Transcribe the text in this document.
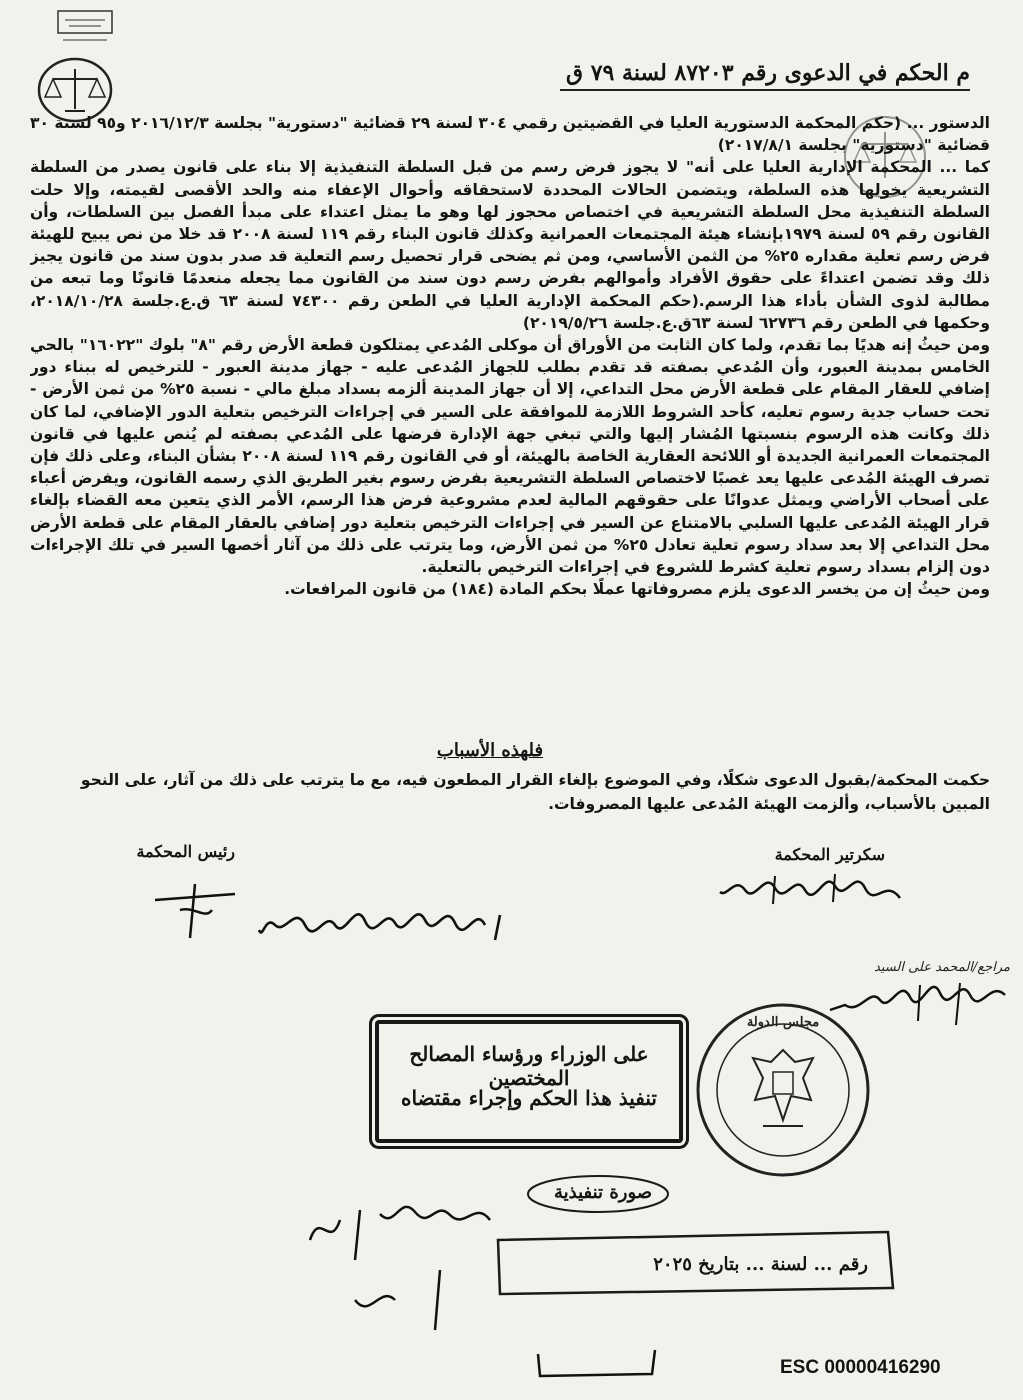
م الحكم في الدعوى رقم ٨٧٢٠٣ لسنة ٧٩ ق

الدستور ... (حكم المحكمة الدستورية العليا في القضيتين رقمي ٣٠٤ لسنة ٢٩ قضائية "دستورية" بجلسة ٢٠١٦/١٢/٣ و٩٥ لسنة ٣٠ قضائية "دستورية" بجلسة ٢٠١٧/٨/١)

كما ... المحكمة الإدارية العليا على أنه" لا يجوز فرض رسم من قبل السلطة التنفيذية إلا بناء على قانون يصدر من السلطة التشريعية يخولها هذه السلطة، ويتضمن الحالات المحددة لاستحقاقه وأحوال الإعفاء منه والحد الأقصى لقيمته، وإلا حلت السلطة التنفيذية محل السلطة التشريعية في اختصاص محجوز لها وهو ما يمثل اعتداء على مبدأ الفصل بين السلطات، وأن القانون رقم ٥٩ لسنة ١٩٧٩بإنشاء هيئة المجتمعات العمرانية وكذلك قانون البناء رقم ١١٩ لسنة ٢٠٠٨ قد خلا من نص يبيح للهيئة فرض رسم تعلية مقداره ٢٥% من الثمن الأساسي، ومن ثم يضحى قرار تحصيل رسم التعلية قد صدر بدون سند من قانون يجيز ذلك وقد تضمن اعتداءً على حقوق الأفراد وأموالهم بفرض رسم دون سند من القانون مما يجعله منعدمًا قانونًا وما تبعه من مطالبة لذوى الشأن بأداء هذا الرسم.(حكم المحكمة الإدارية العليا في الطعن رقم ٧٤٣٠٠ لسنة ٦٣ ق.ع.جلسة ٢٠١٨/١٠/٢٨، وحكمها في الطعن رقم ٦٢٧٣٦ لسنة ٦٣ق.ع.جلسة ٢٠١٩/٥/٢٦)

ومن حيثُ إنه هديًا بما تقدم، ولما كان الثابت من الأوراق أن موكلى المُدعي يمتلكون قطعة الأرض رقم "٨" بلوك "١٦٠٢٢" بالحي الخامس بمدينة العبور، وأن المُدعي بصفته قد تقدم بطلب للجهاز المُدعى عليه - جهاز مدينة العبور - للترخيص له ببناء دور إضافي للعقار المقام على قطعة الأرض محل التداعي، إلا أن جهاز المدينة ألزمه بسداد مبلغ مالي - نسبة ٢٥% من ثمن الأرض - تحت حساب جدية رسوم تعليه، كأحد الشروط اللازمة للموافقة على السير في إجراءات الترخيص بتعلية الدور الإضافي، لما كان ذلك وكانت هذه الرسوم بنسبتها المُشار إليها والتي تبغي جهة الإدارة فرضها على المُدعي بصفته لم يُنص عليها في قانون المجتمعات العمرانية الجديدة أو اللائحة العقارية الخاصة بالهيئة، أو في القانون رقم ١١٩ لسنة ٢٠٠٨ بشأن البناء، وعلى ذلك فإن تصرف الهيئة المُدعى عليها يعد غصبًا لاختصاص السلطة التشريعية بفرض رسوم بغير الطريق الذي رسمه القانون، ويفرض أعباء على أصحاب الأراضي ويمثل عدوانًا على حقوقهم المالية لعدم مشروعية فرض هذا الرسم، الأمر الذي يتعين معه القضاء بإلغاء قرار الهيئة المُدعى عليها السلبي بالامتناع عن السير في إجراءات الترخيص بتعلية دور إضافي بالعقار المقام على قطعة الأرض محل التداعي إلا بعد سداد رسوم تعلية تعادل ٢٥% من ثمن الأرض، وما يترتب على ذلك من آثار أخصها السير في تلك الإجراءات دون إلزام بسداد رسوم تعلية كشرط للشروع في إجراءات الترخيص بالتعلية.

ومن حيثُ إن من يخسر الدعوى يلزم مصروفاتها عملًا بحكم المادة (١٨٤) من قانون المرافعات.

فلهذه الأسباب
حكمت المحكمة/بقبول الدعوى شكلًا، وفي الموضوع بإلغاء القرار المطعون فيه، مع ما يترتب على ذلك من آثار، على النحو المبين بالأسباب، وألزمت الهيئة المُدعى عليها المصروفات.
سكرتير المحكمة
رئيس المحكمة
مراجع/المحمد على السيد
على الوزراء ورؤساء المصالح المختصين
تنفيذ هذا الحكم وإجراء مقتضاه
مجلس الدولة
صورة تنفيذية
رقم ... لسنة ... بتاريخ ٢٠٢٥
ESC 00000416290
